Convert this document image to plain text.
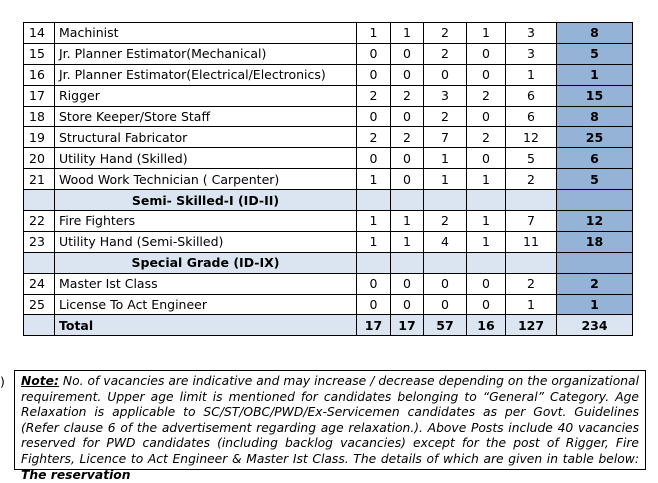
14	Machinist	1	1	2	1	3	8
15	Jr. Planner Estimator(Mechanical)	0	0	2	0	3	5
16	Jr. Planner Estimator(Electrical/Electronics)	0	0	0	0	1	1
17	Rigger	2	2	3	2	6	15
18	Store Keeper/Store Staff	0	0	2	0	6	8
19	Structural Fabricator	2	2	7	2	12	25
20	Utility Hand (Skilled)	0	0	1	0	5	6
21	Wood Work Technician ( Carpenter)	1	0	1	1	2	5
	Semi- Skilled-I (ID-II)						
22	Fire Fighters	1	1	2	1	7	12
23	Utility Hand (Semi-Skilled)	1	1	4	1	11	18
	Special Grade (ID-IX)						
24	Master Ist Class	0	0	0	0	2	2
25	License To Act Engineer	0	0	0	0	1	1
	Total	17	17	57	16	127	234
)	Note: No. of vacancies are indicative and may increase / decrease depending on the organizational requirement. Upper age limit is mentioned for candidates belonging to “General” Category. Age Relaxation is applicable to SC/ST/OBC/PWD/Ex-Servicemen candidates as per Govt. Guidelines (Refer clause 6 of the advertisement regarding age relaxation.). Above Posts include 40 vacancies reserved for PWD candidates (including backlog vacancies) except for the post of Rigger, Fire Fighters, Licence to Act Engineer & Master Ist Class. The details of which are given in table below: The reservation
